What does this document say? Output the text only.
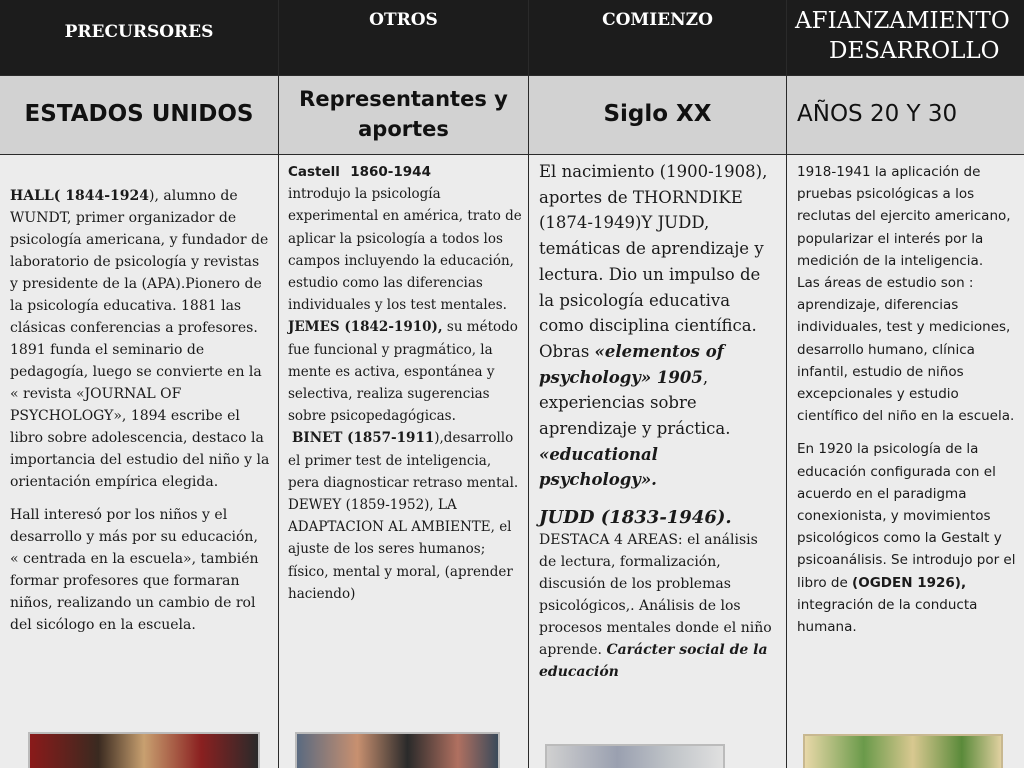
PRECURSORES
ESTADOS UNIDOS

HALL( 1844-1924), alumno de WUNDT, primer organizador de psicología americana, y fundador de laboratorio de psicología y revistas y presidente de la (APA).Pionero de la psicología educativa. 1881 las clásicas conferencias a profesores. 1891 funda el seminario de pedagogía, luego se convierte en la « revista «JOURNAL OF PSYCHOLOGY», 1894 escribe el libro sobre adolescencia, destaco la importancia del estudio del niño y la orientación empírica elegida.

Hall interesó por los niños y el desarrollo y más por su educación, « centrada en la escuela», también formar profesores que formaran niños, realizando un cambio de rol del sicólogo en la escuela.

OTROS
Representantes y
aportes
Castell 1860-1944
introdujo la psicología experimental en américa, trato de aplicar la psicología a todos los campos incluyendo la educación, estudio como las diferencias individuales y los test mentales.
JEMES (1842-1910), su método fue funcional y pragmático, la mente es activa, espontánea y selectiva, realiza sugerencias sobre psicopedagógicas.
BINET (1857-1911),desarrollo el primer test de inteligencia, pera diagnosticar retraso mental. DEWEY (1859-1952), LA ADAPTACION AL AMBIENTE, el ajuste de los seres humanos; físico, mental y moral, (aprender haciendo)
COMIENZO
Siglo XX
El nacimiento (1900-1908), aportes de THORNDIKE (1874-1949)Y JUDD, temáticas de aprendizaje y lectura. Dio un impulso de la psicología educativa como disciplina científica. Obras «elementos of psychology» 1905, experiencias sobre aprendizaje y práctica. «educational psychology».
JUDD (1833-1946).
DESTACA 4 AREAS: el análisis de lectura, formalización, discusión de los problemas psicológicos,. Análisis de los procesos mentales donde el niño aprende. Carácter social de la educación
AFIANZAMIENTO
DESARROLLO
AÑOS 20 Y 30
1918-1941 la aplicación de pruebas psicológicas a los reclutas del ejercito americano, popularizar el interés por la medición de la inteligencia.

Las áreas de estudio son : aprendizaje, diferencias individuales, test y mediciones, desarrollo humano, clínica infantil, estudio de niños excepcionales y estudio científico del niño en la escuela.

En 1920 la psicología de la educación configurada con el acuerdo en el paradigma conexionista, y movimientos psicológicos como la Gestalt y psicoanálisis. Se introdujo por el libro de (OGDEN 1926), integración de la conducta humana.
